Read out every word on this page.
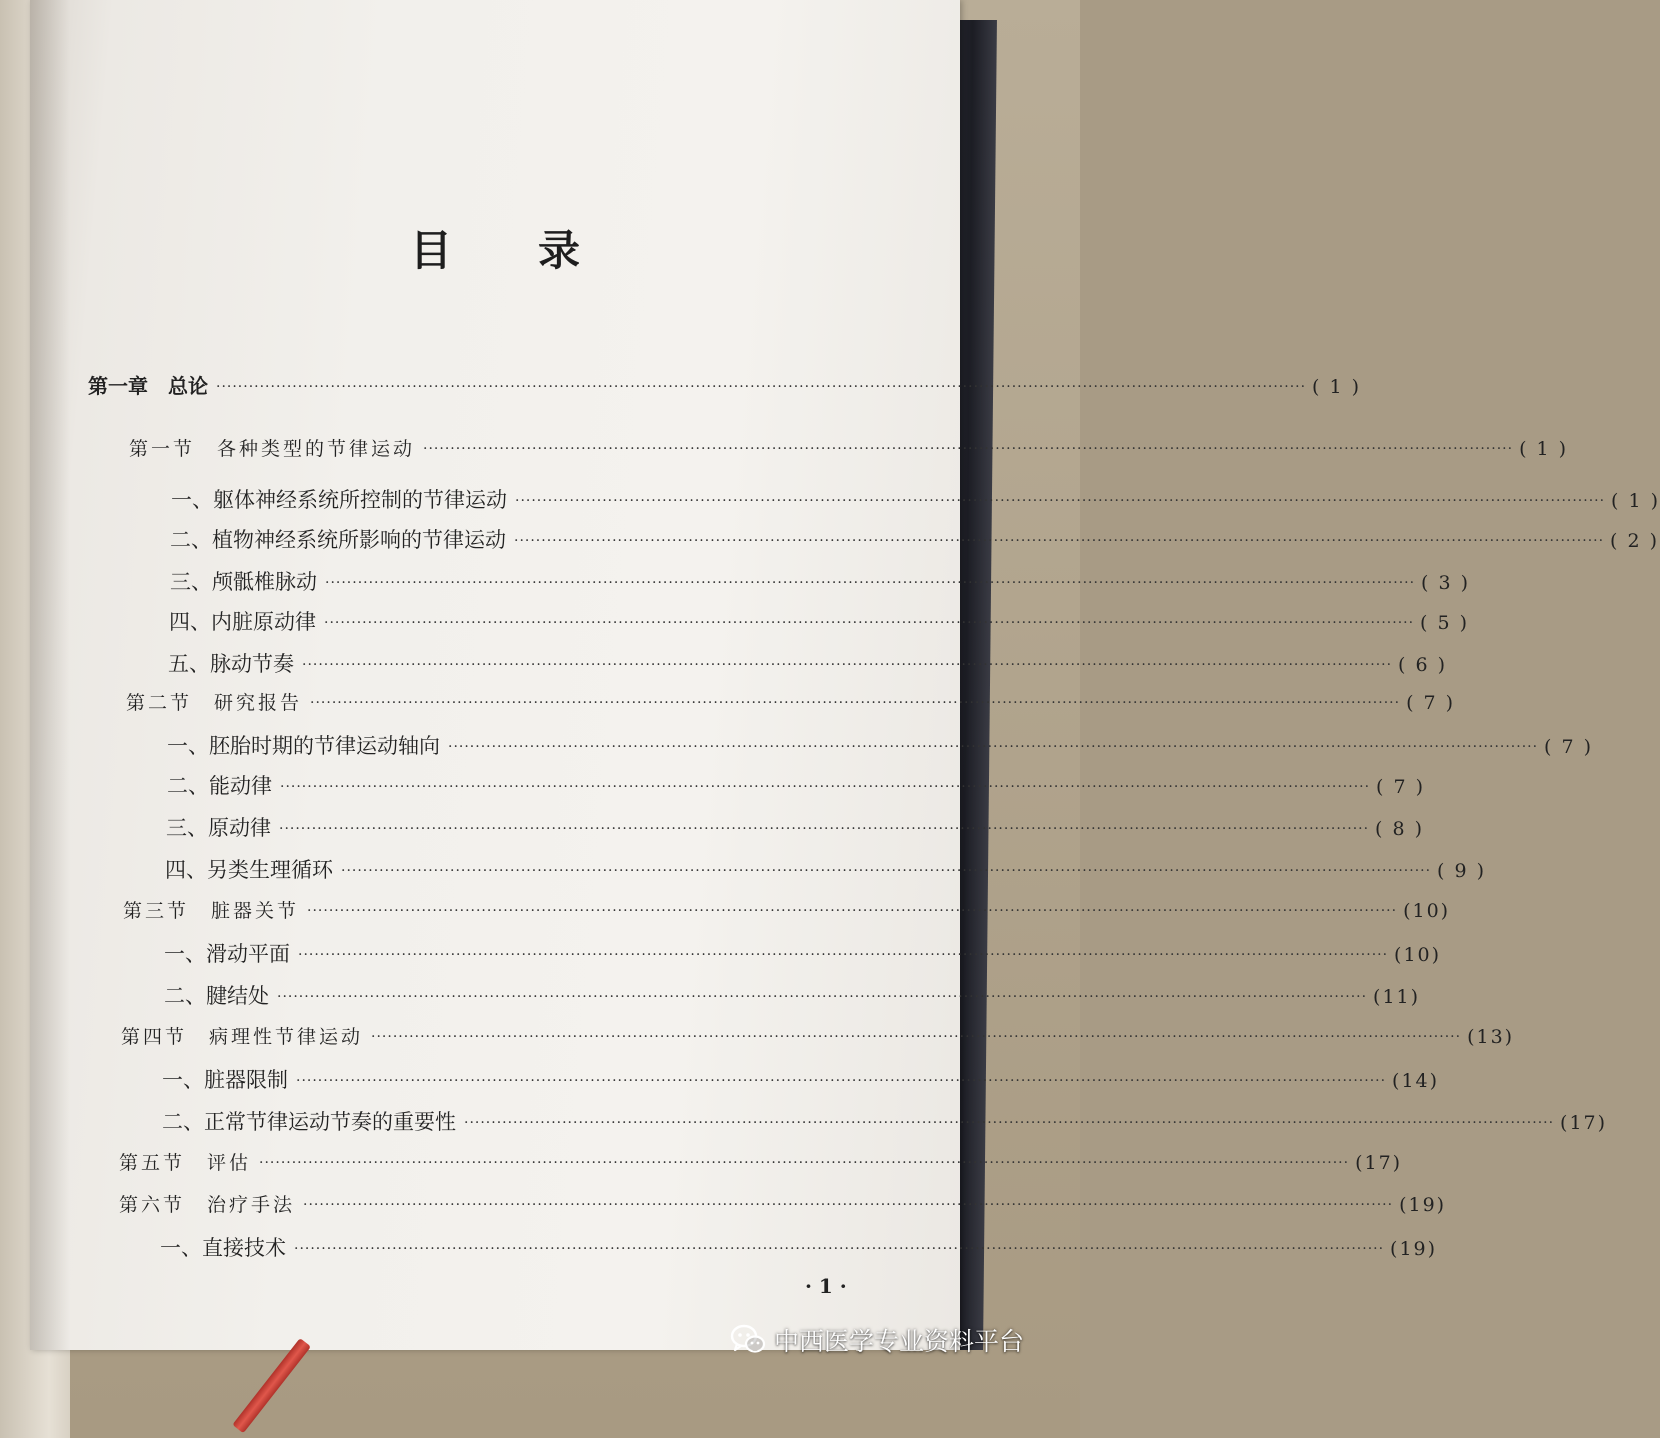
目 录
第一章　总论 ········································································································································································································ ( 1 )
第一节　各种类型的节律运动 ········································································································································································································ ( 1 )
一、躯体神经系统所控制的节律运动 ········································································································································································································ ( 1 )
二、植物神经系统所影响的节律运动 ········································································································································································································ ( 2 )
三、颅骶椎脉动 ········································································································································································································ ( 3 )
四、内脏原动律 ········································································································································································································ ( 5 )
五、脉动节奏 ········································································································································································································ ( 6 )
第二节　研究报告 ········································································································································································································ ( 7 )
一、胚胎时期的节律运动轴向 ········································································································································································································ ( 7 )
二、能动律 ········································································································································································································ ( 7 )
三、原动律 ········································································································································································································ ( 8 )
四、另类生理循环 ········································································································································································································ ( 9 )
第三节　脏器关节 ········································································································································································································ (10)
一、滑动平面 ········································································································································································································ (10)
二、腱结处 ········································································································································································································ (11)
第四节　病理性节律运动 ········································································································································································································ (13)
一、脏器限制 ········································································································································································································ (14)
二、正常节律运动节奏的重要性 ········································································································································································································ (17)
第五节　评估 ········································································································································································································ (17)
第六节　治疗手法 ········································································································································································································ (19)
一、直接技术 ········································································································································································································ (19)
· 1 ·
中西医学专业资料平台
